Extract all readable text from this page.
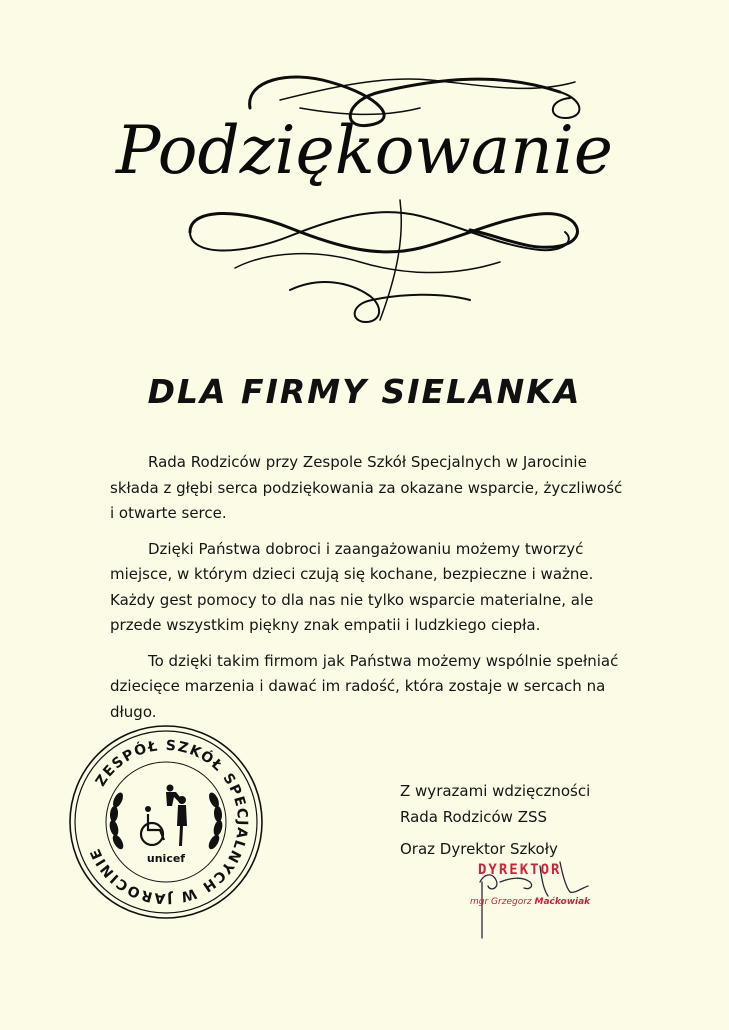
Podziękowanie
DLA FIRMY SIELANKA

Rada Rodziców przy Zespole Szkół Specjalnych w Jarocinie składa z głębi serca podziękowania za okazane wsparcie, życzliwość i otwarte serce.

Dzięki Państwa dobroci i zaangażowaniu możemy tworzyć miejsce, w którym dzieci czują się kochane, bezpieczne i ważne. Każdy gest pomocy to dla nas nie tylko wsparcie materialne, ale przede wszystkim piękny znak empatii i ludzkiego ciepła.

To dzięki takim firmom jak Państwa możemy wspólnie spełniać dziecięce marzenia i dawać im radość, która zostaje w sercach na długo.

Z wyrazami wdzięczności
Rada Rodziców ZSS
Oraz Dyrektor Szkoły
DYREKTOR
mgr Grzegorz Maćkowiak
ZESPÓŁ SZKÓŁ SPECJALNYCH W JAROCINIE	unicef
